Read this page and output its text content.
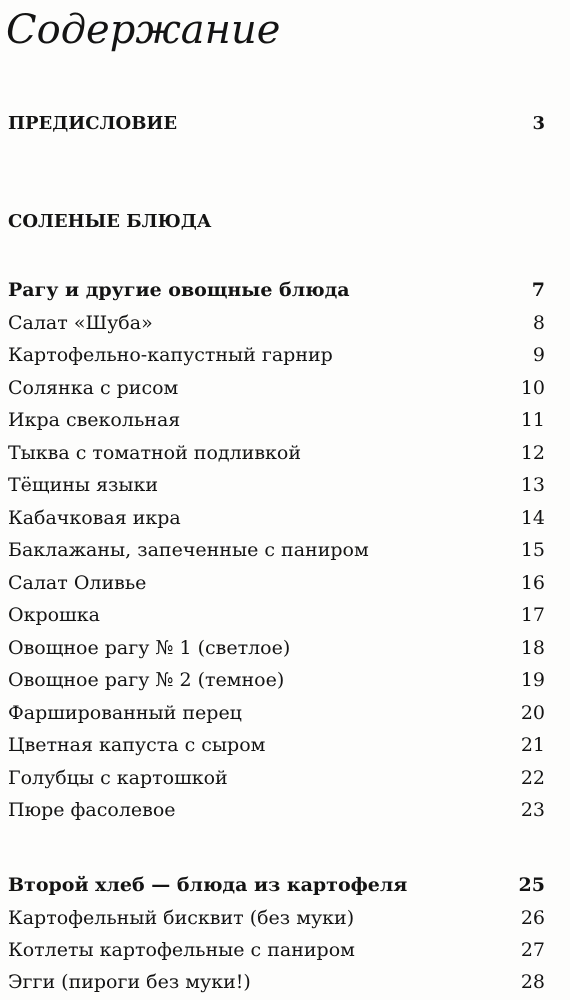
Содержание
ПРЕДИСЛОВИЕ	3
СОЛЕНЫЕ БЛЮДА
Рагу и другие овощные блюда	7
Салат «Шуба»	8
Картофельно-капустный гарнир	9
Солянка с рисом	10
Икра свекольная	11
Тыква с томатной подливкой	12
Тёщины языки	13
Кабачковая икра	14
Баклажаны, запеченные с паниром	15
Салат Оливье	16
Окрошка	17
Овощное рагу № 1 (светлое)	18
Овощное рагу № 2 (темное)	19
Фаршированный перец	20
Цветная капуста с сыром	21
Голубцы с картошкой	22
Пюре фасолевое	23
Второй хлеб — блюда из картофеля	25
Картофельный бисквит (без муки)	26
Котлеты картофельные с паниром	27
Эгги (пироги без муки!)	28
